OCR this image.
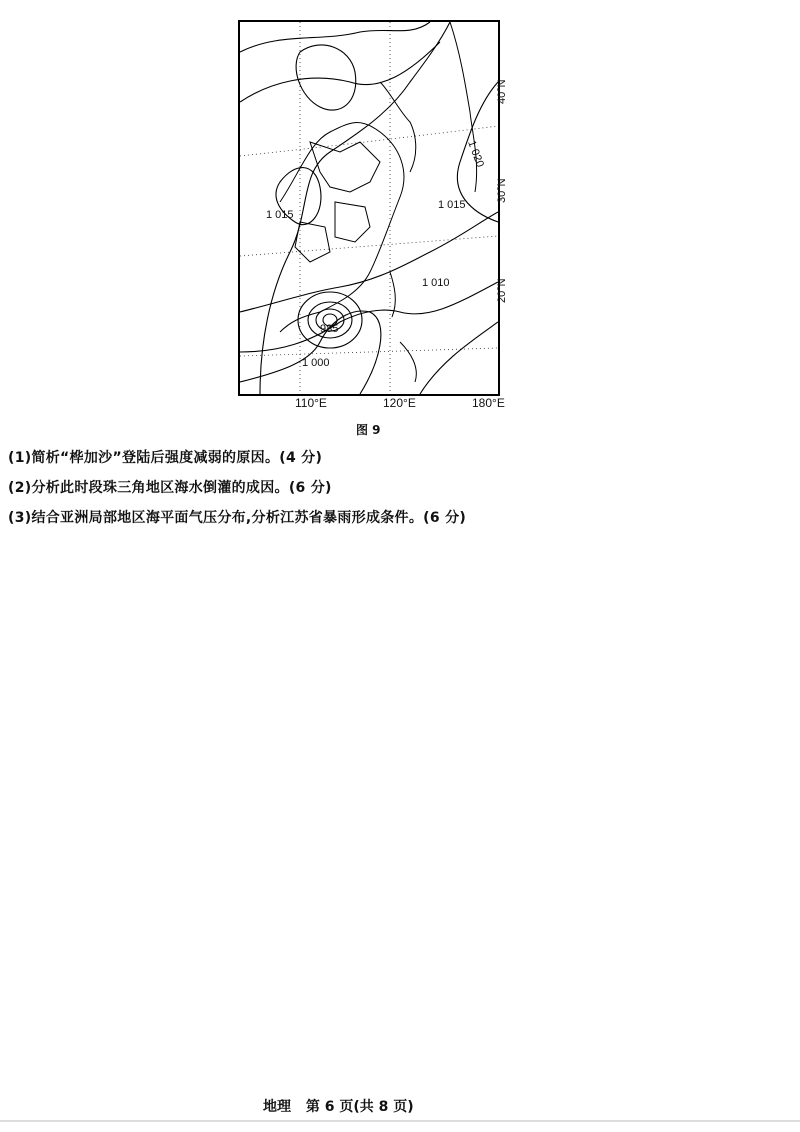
1 015
1 010
1 000
985
1 020
1 015
40°N
30°N
20°N
110°E	120°E	180°E
图 9
(1)简析“桦加沙”登陆后强度减弱的原因。(4 分)
(2)分析此时段珠三角地区海水倒灌的成因。(6 分)
(3)结合亚洲局部地区海平面气压分布,分析江苏省暴雨形成条件。(6 分)
地理 第 6 页(共 8 页)
